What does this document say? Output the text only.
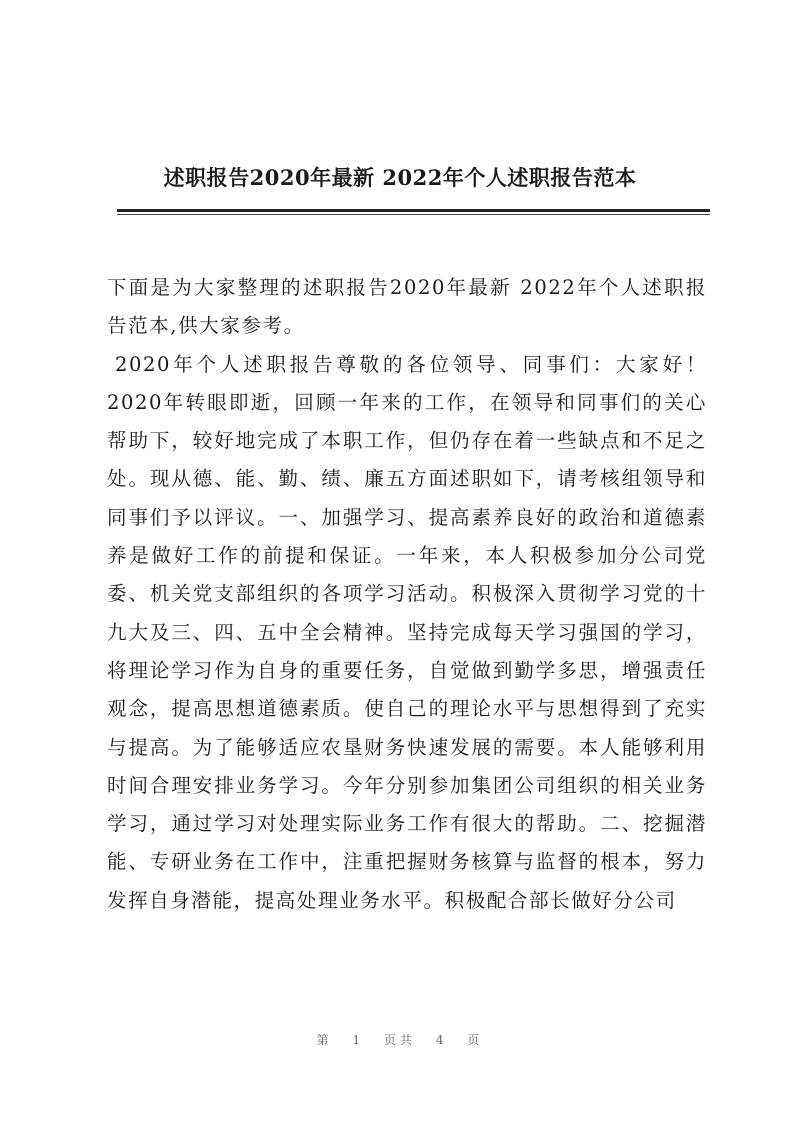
述职报告2020年最新 2022年个人述职报告范本

下面是为大家整理的述职报告2020年最新 2022年个人述职报告范本,供大家参考。

2020年个人述职报告尊敬的各位领导、同事们：大家好！2020年转眼即逝，回顾一年来的工作，在领导和同事们的关心帮助下，较好地完成了本职工作，但仍存在着一些缺点和不足之处。现从德、能、勤、绩、廉五方面述职如下，请考核组领导和同事们予以评议。一、加强学习、提高素养良好的政治和道德素养是做好工作的前提和保证。一年来，本人积极参加分公司党委、机关党支部组织的各项学习活动。积极深入贯彻学习党的十九大及三、四、五中全会精神。坚持完成每天学习强国的学习，将理论学习作为自身的重要任务，自觉做到勤学多思，增强责任观念，提高思想道德素质。使自己的理论水平与思想得到了充实与提高。为了能够适应农垦财务快速发展的需要。本人能够利用时间合理安排业务学习。今年分别参加集团公司组织的相关业务学习，通过学习对处理实际业务工作有很大的帮助。二、挖掘潜能、专研业务在工作中，注重把握财务核算与监督的根本，努力发挥自身潜能，提高处理业务水平。积极配合部长做好分公司

第 1 页共 4 页
